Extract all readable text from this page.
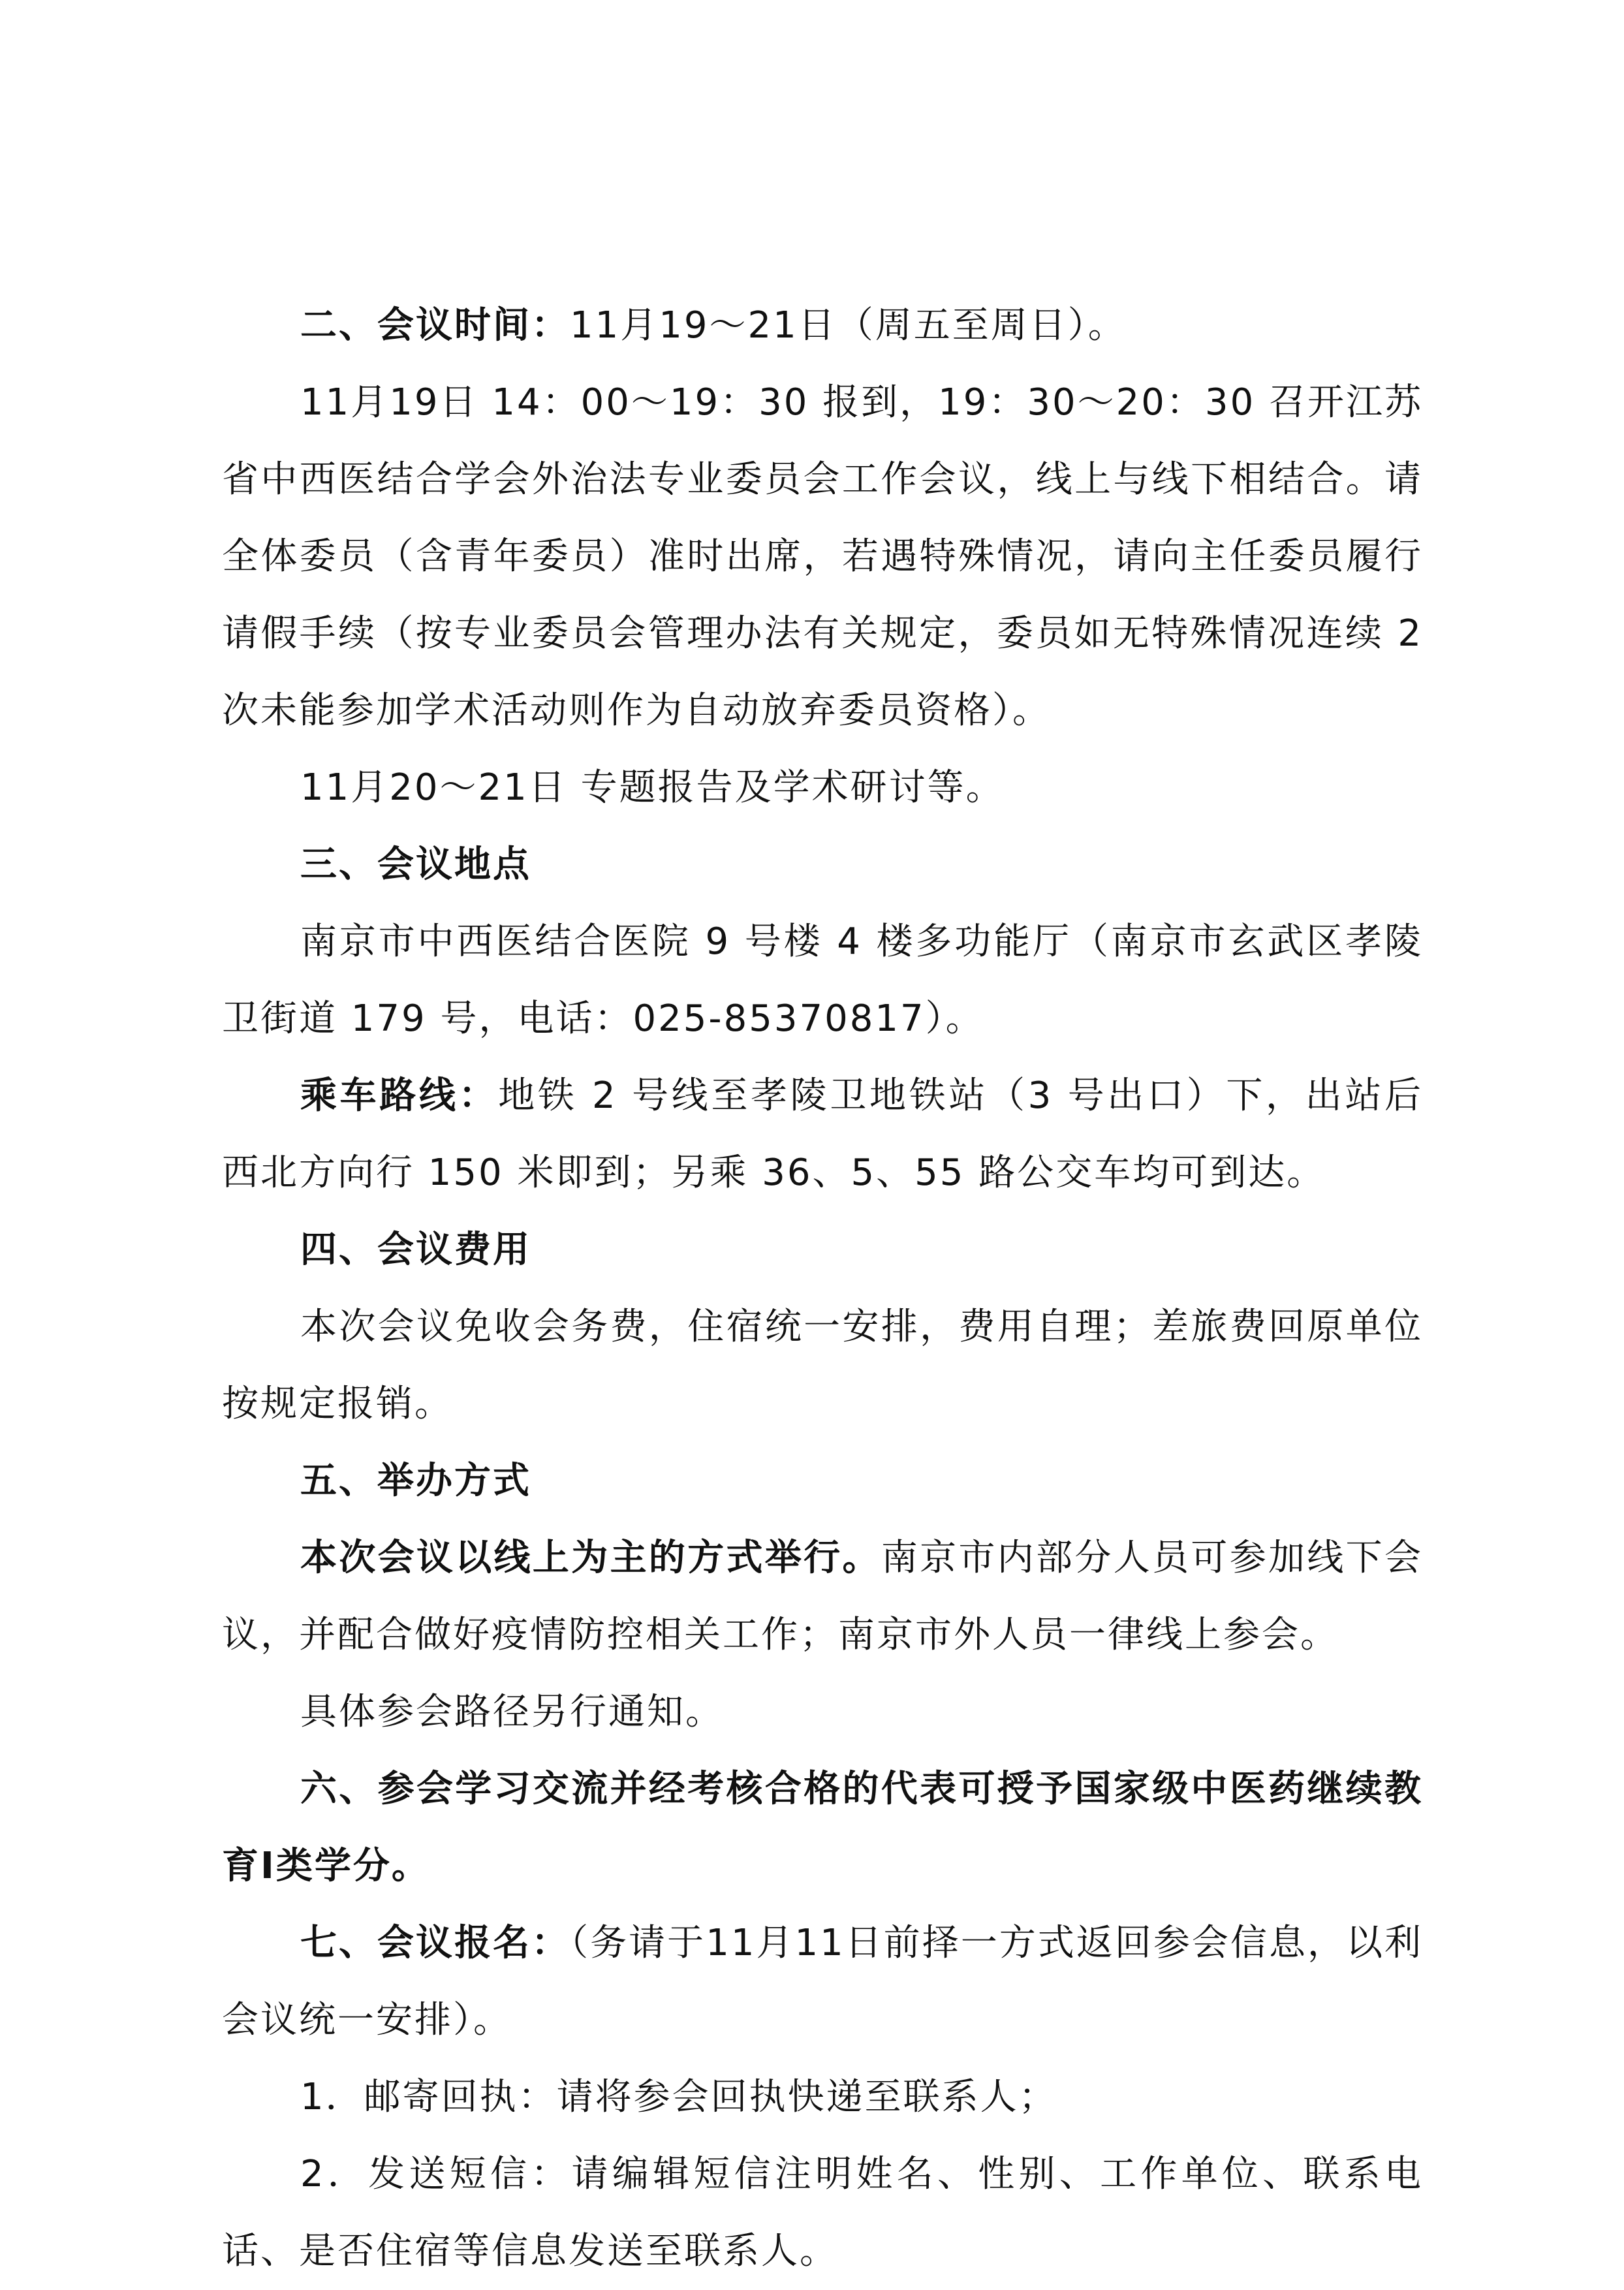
二、会议时间：11月19～21日（周五至周日）。

11月19日 14：00～19：30 报到，19：30～20：30 召开江苏省中西医结合学会外治法专业委员会工作会议，线上与线下相结合。请全体委员（含青年委员）准时出席，若遇特殊情况，请向主任委员履行请假手续（按专业委员会管理办法有关规定，委员如无特殊情况连续 2 次未能参加学术活动则作为自动放弃委员资格）。

11月20～21日 专题报告及学术研讨等。

三、会议地点

南京市中西医结合医院 9 号楼 4 楼多功能厅（南京市玄武区孝陵卫街道 179 号，电话：025-85370817）。

乘车路线：地铁 2 号线至孝陵卫地铁站（3 号出口）下，出站后西北方向行 150 米即到；另乘 36、5、55 路公交车均可到达。

四、会议费用

本次会议免收会务费，住宿统一安排，费用自理；差旅费回原单位按规定报销。

五、举办方式

本次会议以线上为主的方式举行。南京市内部分人员可参加线下会议，并配合做好疫情防控相关工作；南京市外人员一律线上参会。

具体参会路径另行通知。

六、参会学习交流并经考核合格的代表可授予国家级中医药继续教育Ⅰ类学分。

七、会议报名：（务请于11月11日前择一方式返回参会信息，以利会议统一安排）。

1．邮寄回执：请将参会回执快递至联系人；

2．发送短信：请编辑短信注明姓名、性别、工作单位、联系电话、是否住宿等信息发送至联系人。
